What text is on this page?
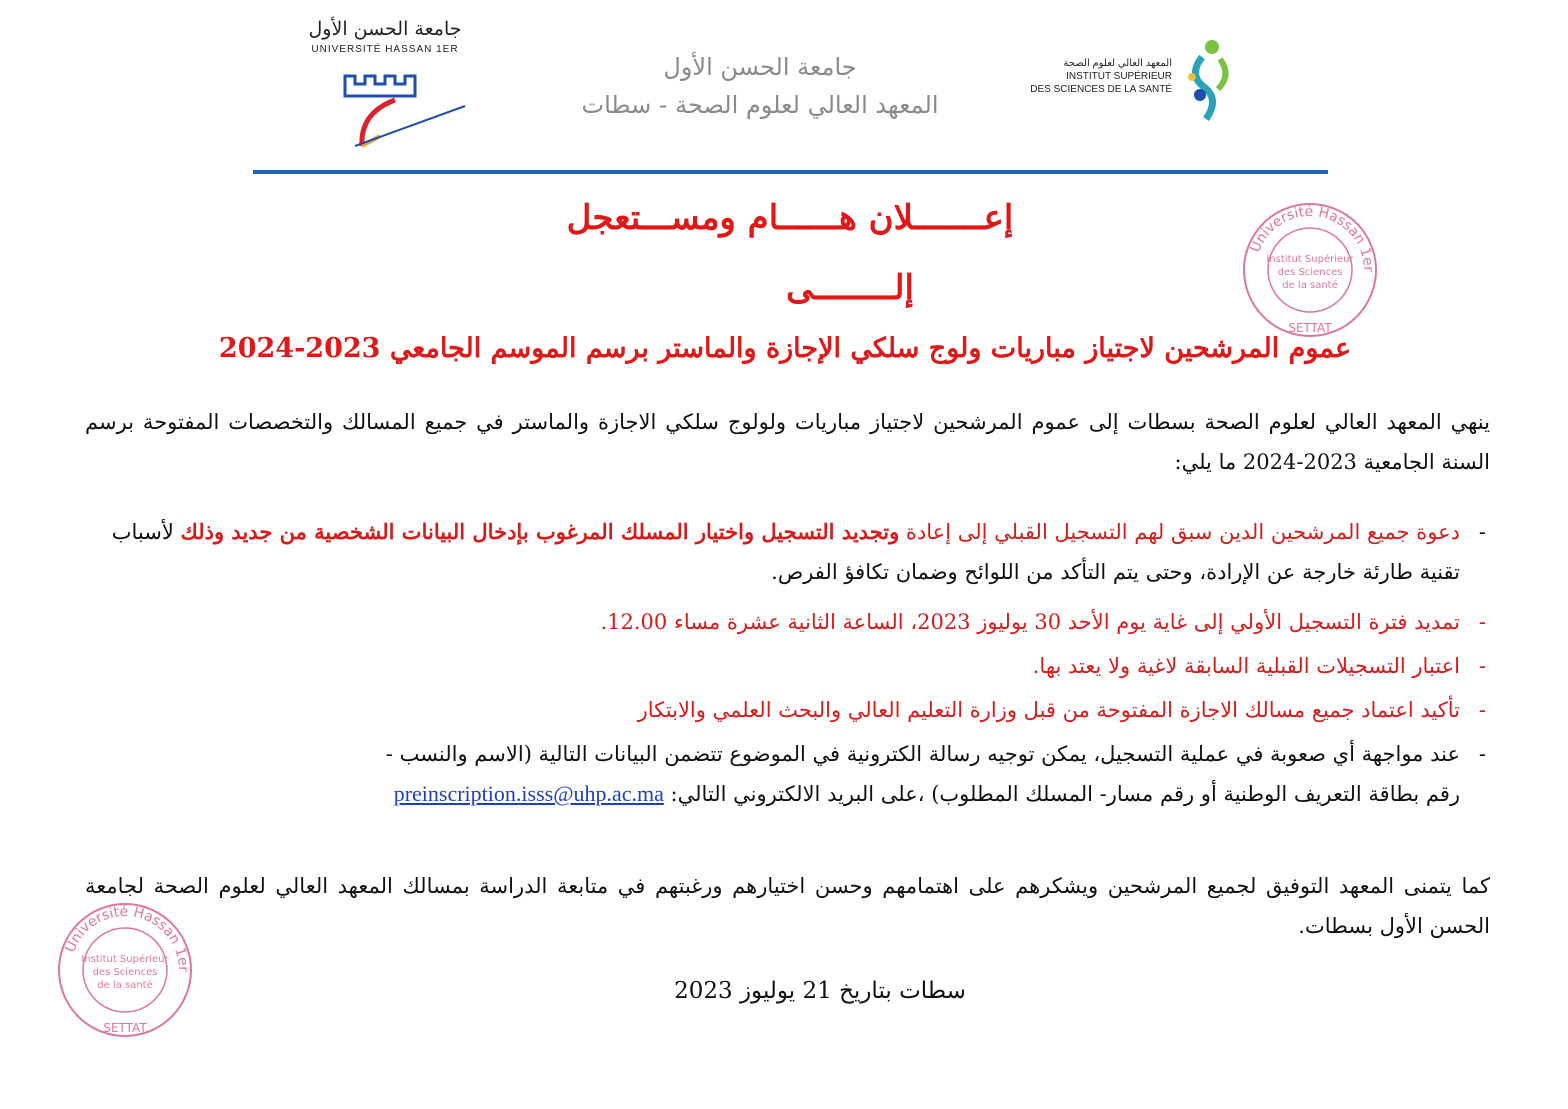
جامعة الحسن الأول
UNIVERSITÉ HASSAN 1ER
جامعة الحسن الأول
المعهد العالي لعلوم الصحة - سطات
المعهد العالي لعلوم الصحة
INSTITUT SUPÉRIEUR
DES SCIENCES DE LA SANTÉ
Université Hassan 1er
Institut Supérieur
des Sciences
de la santé
SETTAT
Université Hassan 1er
Institut Supérieur
des Sciences
de la santé
SETTAT
إعـــــــلان هــــــام ومســـتعجل
إلــــــــى
عموم المرشحين لاجتياز مباريات ولوج سلكي الإجازة والماستر برسم الموسم الجامعي 2023-2024
ينهي المعهد العالي لعلوم الصحة بسطات إلى عموم المرشحين لاجتياز مباريات ولولوج سلكي الاجازة والماستر في جميع المسالك والتخصصات المفتوحة برسم السنة الجامعية 2023-2024 ما يلي:
-
دعوة جميع المرشحين الدين سبق لهم التسجيل القبلي إلى إعادة وتجديد التسجيل واختيار المسلك المرغوب بإدخال البيانات الشخصية من جديد وذلك لأسباب تقنية طارئة خارجة عن الإرادة، وحتى يتم التأكد من اللوائح وضمان تكافؤ الفرص.
-
تمديد فترة التسجيل الأولي إلى غاية يوم الأحد 30 يوليوز 2023، الساعة الثانية عشرة مساء 12.00.
-
اعتبار التسجيلات القبلية السابقة لاغية ولا يعتد بها.
-
تأكيد اعتماد جميع مسالك الاجازة المفتوحة من قبل وزارة التعليم العالي والبحث العلمي والابتكار
-
عند مواجهة أي صعوبة في عملية التسجيل، يمكن توجيه رسالة الكترونية في الموضوع تتضمن البيانات التالية (الاسم والنسب -
رقم بطاقة التعريف الوطنية أو رقم مسار- المسلك المطلوب) ،على البريد الالكتروني التالي: preinscription.isss@uhp.ac.ma
كما يتمنى المعهد التوفيق لجميع المرشحين ويشكرهم على اهتمامهم وحسن اختيارهم ورغبتهم في متابعة الدراسة بمسالك المعهد العالي لعلوم الصحة لجامعة الحسن الأول بسطات.
سطات بتاريخ 21 يوليوز 2023
